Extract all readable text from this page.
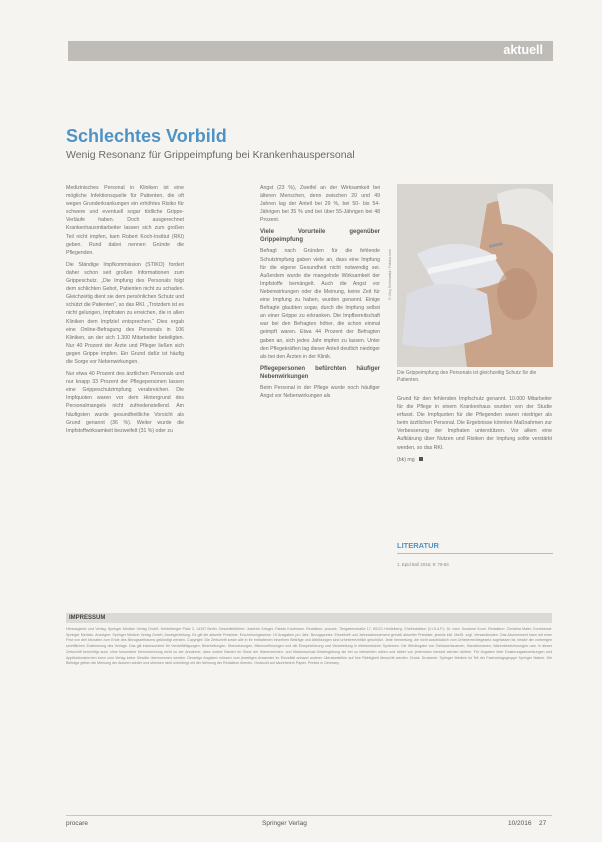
aktuell
Schlechtes Vorbild
Wenig Resonanz für Grippeimpfung bei Krankenhauspersonal

Medizinisches Personal in Kliniken ist eine mögliche Infektionsquelle für Patienten, die oft wegen Grunderkrankungen ein erhöhtes Risiko für schwere und eventuell sogar tödliche Grippe-Verläufe haben. Doch ausgerechnet Krankenhausmitarbeiter lassen sich zum großen Teil nicht impfen, kam Robert Koch-Institut (RKI) geben. Rund dabei nennen Gründe die Pflegenden.

Die Ständige Impfkommission (STIKO) fordert daher schon seit großen Informationen zum Grippeschutz. „Die Impfung des Personals folgt dem schlichten Gebot, Patienten nicht zu schaden. Gleichzeitig dient sie dem persönlichen Schutz und schützt die Patienten“, so das RKI. „Trotzdem ist es nicht gelungen, Impfraten zu erreichen, die in allen Kliniken dem Impfziel entsprechen.“ Dies ergab eine Online-Befragung des Personals in 106 Kliniken, an der sich 1.300 Mitarbeiter beteiligten. Nur 40 Prozent der Ärzte und Pfleger ließen sich gegen Grippe impfen. Ein Grund dafür ist häufig die Sorge vor Nebenwirkungen.

Nur etwa 40 Prozent des ärztlichen Personals und nur knapp 33 Prozent der Pflegepersonen lassen eine Grippeschutzimpfung verabreichen. Die Impfquoten waren vor dem Hintergrund des Personalmangels nicht zufriedenstellend. Am häufigsten wurde gesundheitliche Vorsicht als Grund genannt (36 %). Weiter wurde die Impfstoffwirksamkeit bezweifelt (31 %) oder zu

Angst (23 %), Zweifel an der Wirksamkeit bei älteren Menschen, denn zwischen 20 und 49 Jahren lag der Anteil bei 29 %, bei 50- bis 54-Jährigen bei 35 % und bei über 55-Jährigen bei 48 Prozent.

Viele Vorurteile gegenüber Grippeimpfung

Befragt nach Gründen für die fehlende Schutzimpfung gaben viele an, dass eine Impfung für die eigene Gesundheit nicht notwendig sei. Außerdem wurde die mangelnde Wirksamkeit der Impfstoffe bemängelt. Auch die Angst vor Nebenwirkungen oder die Meinung, keine Zeit für eine Impfung zu haben, wurden genannt. Einige Befragte glaubten sogar, durch die Impfung selbst an einer Grippe zu erkranken. Die Impfbereitschaft war bei den Befragten höher, die schon einmal geimpft waren. Etwa 44 Prozent der Befragten gaben an, sich jedes Jahr impfen zu lassen. Unter den Pflegekräften lag dieser Anteil deutlich niedriger als bei den Ärzten in der Klinik.

Pflegepersonen befürchten häufiger Nebenwirkungen

Beim Personal in der Pflege wurde noch häufiger Angst vor Nebenwirkungen als

© Jörg Schönwald / Fotolia.com
Die Grippeimpfung des Personals ist gleichzeitig Schutz für die Patienten.

Grund für den fehlenden Impfschutz genannt. 10.000 Mitarbeiter für die Pflege in einem Krankenhaus wurden von der Studie erfasst. Die Impfquoten für die Pflegenden waren niedriger als beim ärztlichen Personal. Die Ergebnisse könnten Maßnahmen zur Verbesserung der Impfraten unterstützen. Vor allem eine Aufklärung über Nutzen und Risiken der Impfung sollte verstärkt werden, so das RKI.

(bk) mg

LITERATUR
1. Epid Bull 2016; 9: 79-83
IMPRESSUM
Herausgeber und Verlag: Springer Medizin Verlag GmbH, Heidelberger Platz 3, 14197 Berlin. Geschäftsführer: Joachim Krieger, Fabian Kaufmann. Redaktion: procare, Tiergartenstraße 17, 69121 Heidelberg. Chefredaktion (V.i.S.d.P.): Dr. med. Susanne Krum. Redaktion: Christina Maier. Korrektorat: Springer Medizin. Anzeigen: Springer Medizin Verlag GmbH, Anzeigenleitung. Es gilt die aktuelle Preisliste. Erscheinungsweise: 10 Ausgaben pro Jahr. Bezugspreise: Einzelheft und Jahresabonnement gemäß aktueller Preisliste, jeweils inkl. MwSt. zzgl. Versandkosten. Das Abonnement kann mit einer Frist von drei Monaten zum Ende des Bezugszeitraums gekündigt werden. Copyright: Die Zeitschrift sowie alle in ihr enthaltenen einzelnen Beiträge und Abbildungen sind urheberrechtlich geschützt. Jede Verwertung, die nicht ausdrücklich vom Urheberrechtsgesetz zugelassen ist, bedarf der vorherigen schriftlichen Zustimmung des Verlags. Das gilt insbesondere für Vervielfältigungen, Bearbeitungen, Übersetzungen, Mikroverfilmungen und die Einspeicherung und Verarbeitung in elektronischen Systemen. Die Wiedergabe von Gebrauchsnamen, Handelsnamen, Warenbezeichnungen usw. in dieser Zeitschrift berechtigt auch ohne besondere Kennzeichnung nicht zu der Annahme, dass solche Namen im Sinne der Warenzeichen- und Markenschutz-Gesetzgebung als frei zu betrachten wären und daher von jedermann benutzt werden dürften. Für Angaben über Dosierungsanweisungen und Applikationsformen kann vom Verlag keine Gewähr übernommen werden. Derartige Angaben müssen vom jeweiligen Anwender im Einzelfall anhand anderer Literaturstellen auf ihre Richtigkeit überprüft werden. Druck: Druckerei. Springer Medizin ist Teil der Fachverlagsgruppe Springer Nature. Die Beiträge geben die Meinung der Autoren wieder und stimmen nicht unbedingt mit der Meinung der Redaktion überein. Gedruckt auf säurefreiem Papier. Printed in Germany.
procare	Springer Verlag	10/2016 27
